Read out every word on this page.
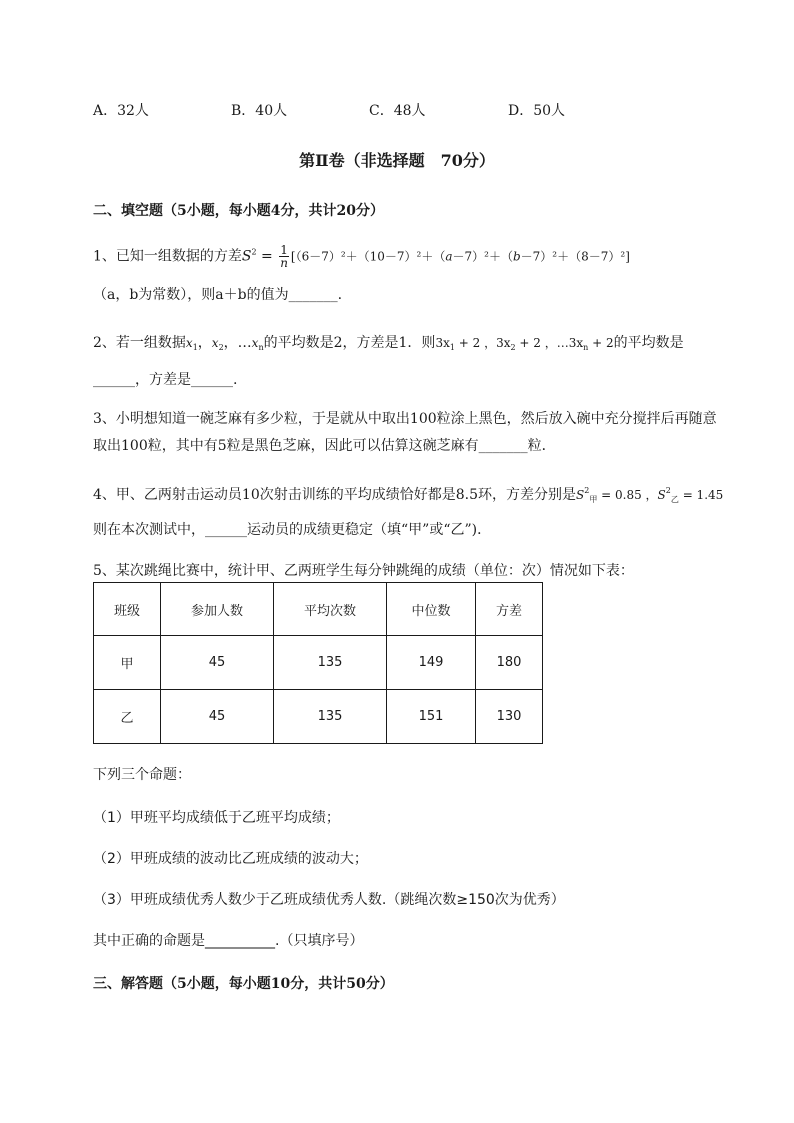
A．32人	B．40人	C．48人	D．50人
第Ⅱ卷（非选择题　70分）
二、填空题（5小题，每小题4分，共计20分）
1、已知一组数据的方差$S^2 = \frac{1}{n} [(6-7)^2+(10-7)^2+(a-7)^2+(b-7)^2+(8-7)^2]$
（a，b为常数），则a＋b的值为_______.
2、若一组数据$x_1$，$x_2$，$\dots x_n$的平均数是2，方差是1．则$3x_1 + 2$ ，$3x_2 + 2$ ，$\dots 3x_n + 2$的平均数是
______，方差是______.
3、小明想知道一碗芝麻有多少粒，于是就从中取出100粒涂上黑色，然后放入碗中充分搅拌后再随意
取出100粒，其中有5粒是黑色芝麻，因此可以估算这碗芝麻有_______粒．
4、甲、乙两射击运动员10次射击训练的平均成绩恰好都是8.5环，方差分别是$S^2_甲 = 0.85$ ，$S^2_乙 = 1.45$
则在本次测试中，______运动员的成绩更稳定（填“甲”或“乙”)．
5、某次跳绳比赛中，统计甲、乙两班学生每分钟跳绳的成绩（单位：次）情况如下表：
班级	参加人数	平均次数	中位数	方差
甲	45	135	149	180
乙	45	135	151	130
下列三个命题：
（1）甲班平均成绩低于乙班平均成绩；
（2）甲班成绩的波动比乙班成绩的波动大；
（3）甲班成绩优秀人数少于乙班成绩优秀人数.（跳绳次数≥150次为优秀）
其中正确的命题是__________.（只填序号）
三、解答题（5小题，每小题10分，共计50分）
